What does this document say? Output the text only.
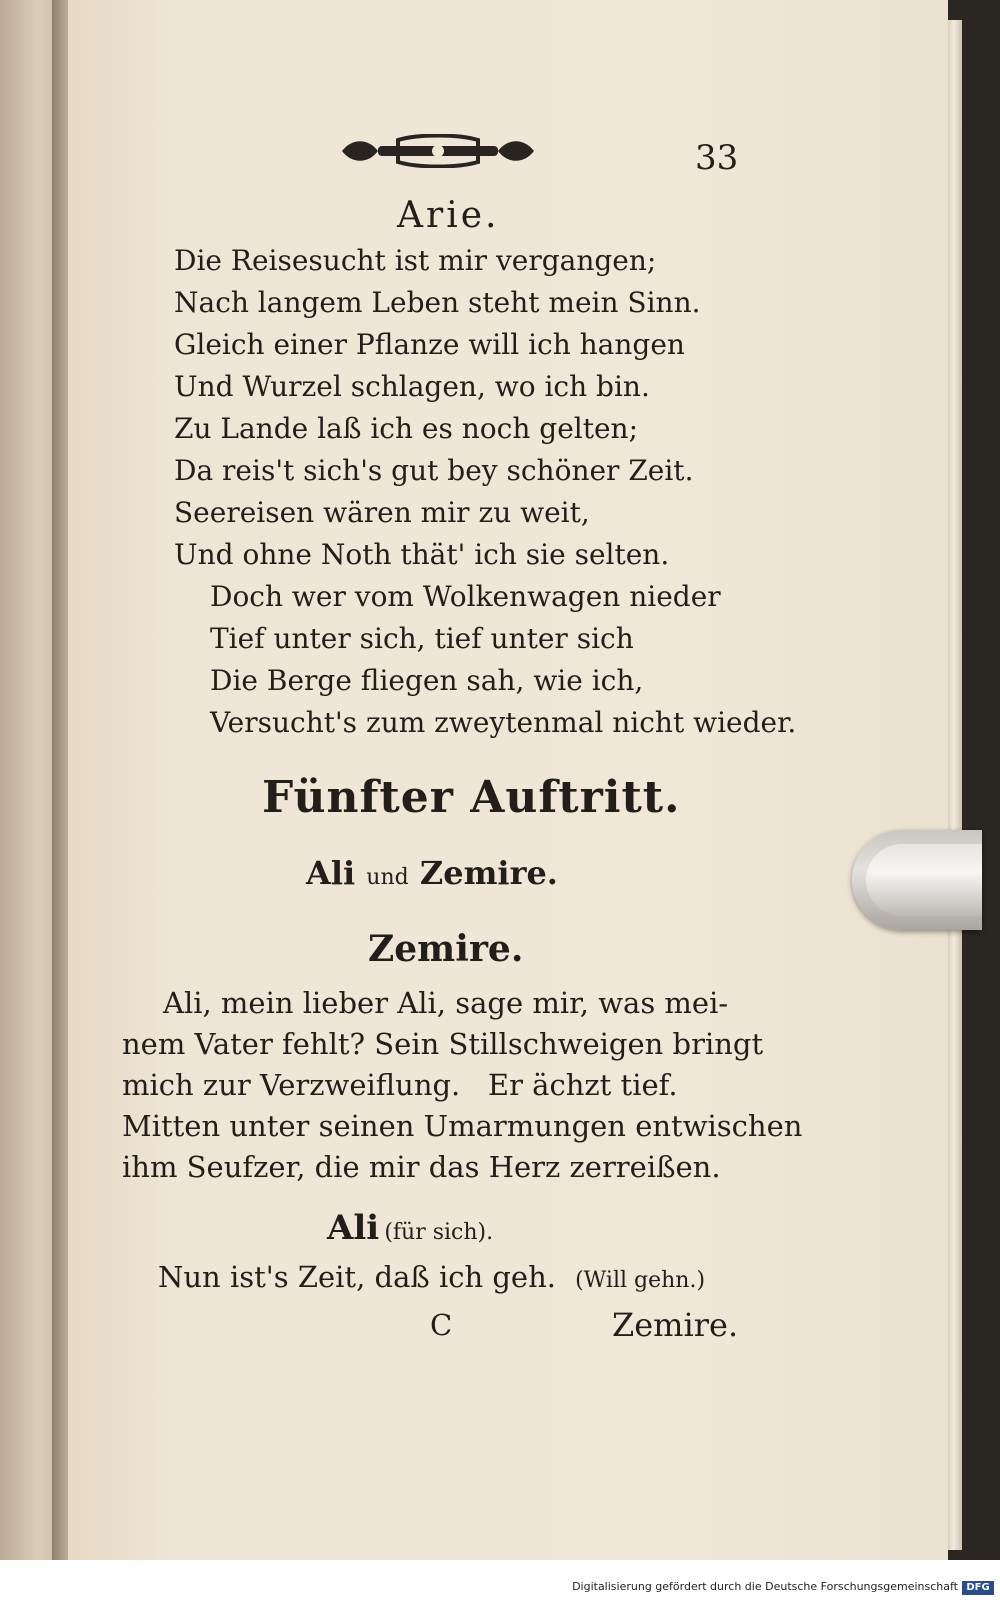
33
Arie.
Die Reisesucht ist mir vergangen;
Nach langem Leben steht mein Sinn.
Gleich einer Pflanze will ich hangen
Und Wurzel schlagen, wo ich bin.
Zu Lande laß ich es noch gelten;
Da reis't sich's gut bey schöner Zeit.
Seereisen wären mir zu weit,
Und ohne Noth thät' ich sie selten.
Doch wer vom Wolkenwagen nieder
Tief unter sich, tief unter sich
Die Berge fliegen sah, wie ich,
Versucht's zum zweytenmal nicht wieder.
Fünfter Auftritt.
Ali und Zemire.
Zemire.
Ali, mein lieber Ali, sage mir, was mei-
nem Vater fehlt? Sein Stillschweigen bringt
mich zur Verzweiflung.   Er ächzt tief.
Mitten unter seinen Umarmungen entwischen
ihm Seufzer, die mir das Herz zerreißen.
Ali (für sich).
Nun ist's Zeit, daß ich geh. (Will gehn.)
C	Zemire.
Digitalisierung gefördert durch die Deutsche Forschungsgemeinschaft DFG
